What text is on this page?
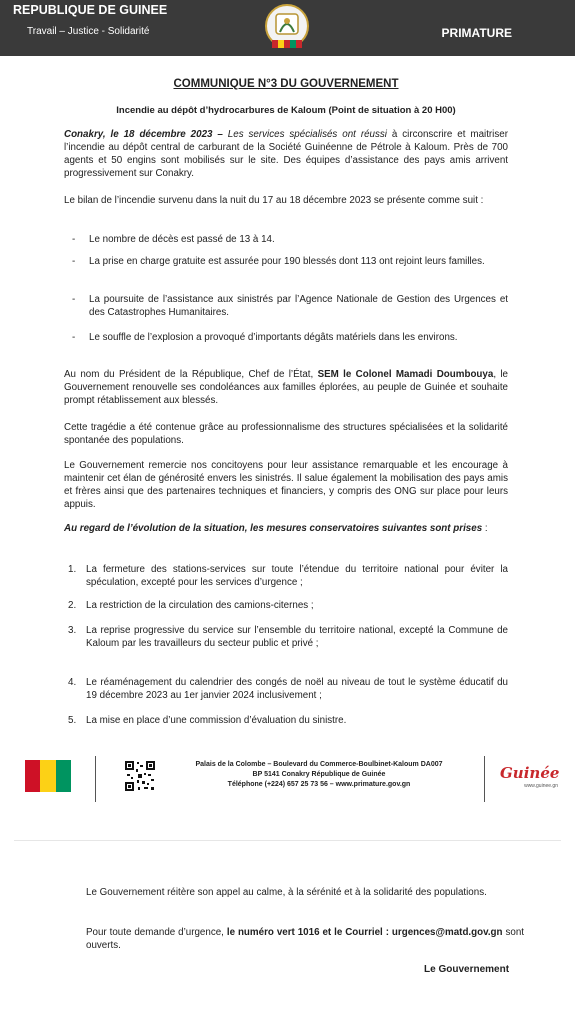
REPUBLIQUE DE GUINEE
Travail – Justice - Solidarité	PRIMATURE
COMMUNIQUE N°3 DU GOUVERNEMENT
Incendie au dépôt d’hydrocarbures de Kaloum (Point de situation à 20 H00)
Conakry, le 18 décembre 2023 – Les services spécialisés ont réussi à circonscrire et maitriser l’incendie au dépôt central de carburant de la Société Guinéenne de Pétrole à Kaloum. Près de 700 agents et 50 engins sont mobilisés sur le site. Des équipes d’assistance des pays amis arrivent progressivement sur Conakry.
Le bilan de l’incendie survenu dans la nuit du 17 au 18 décembre 2023 se présente comme suit :
- Le nombre de décès est passé de 13 à 14.
- La prise en charge gratuite est assurée pour 190 blessés dont 113 ont rejoint leurs familles.
- La poursuite de l’assistance aux sinistrés par l’Agence Nationale de Gestion des Urgences et des Catastrophes Humanitaires.
- Le souffle de l’explosion a provoqué d’importants dégâts matériels dans les environs.
Au nom du Président de la République, Chef de l’État, SEM le Colonel Mamadi Doumbouya, le Gouvernement renouvelle ses condoléances aux familles éplorées, au peuple de Guinée et souhaite prompt rétablissement aux blessés.
Cette tragédie a été contenue grâce au professionnalisme des structures spécialisées et la solidarité spontanée des populations.
Le Gouvernement remercie nos concitoyens pour leur assistance remarquable et les encourage à maintenir cet élan de générosité envers les sinistrés. Il salue également la mobilisation des pays amis et frères ainsi que des partenaires techniques et financiers, y compris des ONG sur place pour leurs appuis.
Au regard de l’évolution de la situation, les mesures conservatoires suivantes sont prises :
1. La fermeture des stations-services sur toute l’étendue du territoire national pour éviter la spéculation, excepté pour les services d’urgence ;
2. La restriction de la circulation des camions-citernes ;
3. La reprise progressive du service sur l’ensemble du territoire national, excepté la Commune de Kaloum par les travailleurs du secteur public et privé ;
4. Le réaménagement du calendrier des congés de noël au niveau de tout le système éducatif du 19 décembre 2023 au 1er janvier 2024 inclusivement ;
5. La mise en place d’une commission d’évaluation du sinistre.
Palais de la Colombe – Boulevard du Commerce-Boulbinet-Kaloum DA007
BP 5141 Conakry République de Guinée
Téléphone (+224) 657 25 73 56 – www.primature.gov.gn
Guinée
www.guinee.gn
Le Gouvernement réitère son appel au calme, à la sérénité et à la solidarité des populations.
Pour toute demande d’urgence, le numéro vert 1016 et le Courriel : urgences@matd.gov.gn sont ouverts.
Le Gouvernement
